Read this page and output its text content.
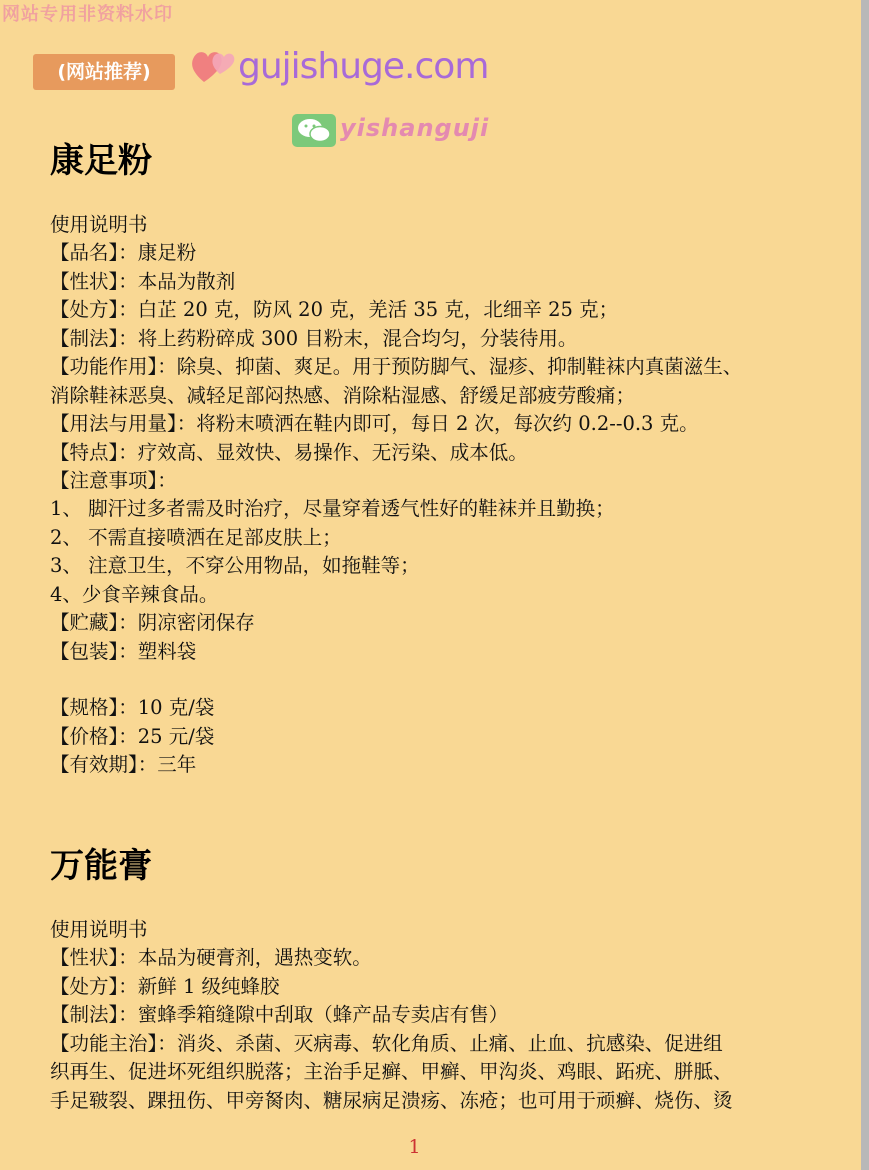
网站专用非资料水印
(网站推荐)	gujishuge.com
yishanguji
康足粉
使用说明书
【品名】：康足粉
【性状】：本品为散剂
【处方】：白芷 20 克，防风 20 克，羌活 35 克，北细辛 25 克；
【制法】：将上药粉碎成 300 目粉末，混合均匀，分装待用。
【功能作用】：除臭、抑菌、爽足。用于预防脚气、湿疹、抑制鞋袜内真菌滋生、
消除鞋袜恶臭、减轻足部闷热感、消除粘湿感、舒缓足部疲劳酸痛；
【用法与用量】：将粉末喷洒在鞋内即可，每日 2 次，每次约 0.2--0.3 克。
【特点】：疗效高、显效快、易操作、无污染、成本低。
【注意事项】：
1、 脚汗过多者需及时治疗，尽量穿着透气性好的鞋袜并且勤换；
2、 不需直接喷洒在足部皮肤上；
3、 注意卫生，不穿公用物品，如拖鞋等；
4、少食辛辣食品。
【贮藏】：阴凉密闭保存
【包装】：塑料袋
【规格】：10 克/袋
【价格】：25 元/袋
【有效期】：三年
万能膏
使用说明书
【性状】：本品为硬膏剂，遇热变软。
【处方】：新鲜 1 级纯蜂胶
【制法】：蜜蜂季箱缝隙中刮取（蜂产品专卖店有售）
【功能主治】：消炎、杀菌、灭病毒、软化角质、止痛、止血、抗感染、促进组
织再生、促进坏死组织脱落；主治手足癣、甲癣、甲沟炎、鸡眼、跖疣、胼胝、
手足皲裂、踝扭伤、甲旁胬肉、糖尿病足溃疡、冻疮；也可用于顽癣、烧伤、烫
1
